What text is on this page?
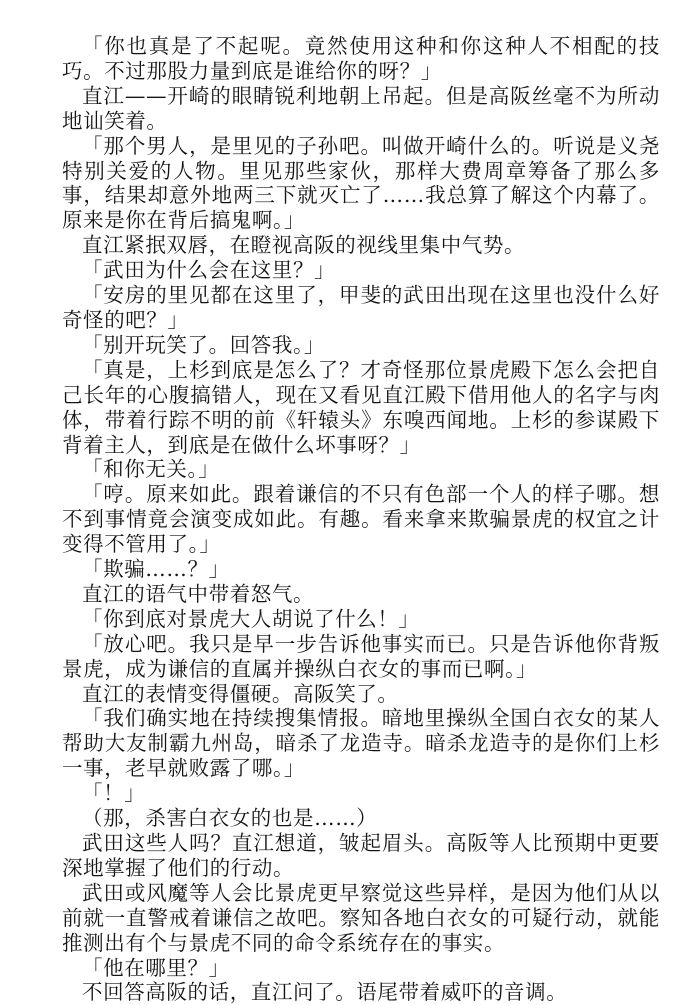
「你也真是了不起呢。竟然使用这种和你这种人不相配的技巧。不过那股力量到底是谁给你的呀？」

直江——开崎的眼睛锐利地朝上吊起。但是高阪丝毫不为所动地讪笑着。

「那个男人，是里见的子孙吧。叫做开崎什么的。听说是义尧特别关爱的人物。里见那些家伙，那样大费周章筹备了那么多事，结果却意外地两三下就灭亡了……我总算了解这个内幕了。原来是你在背后搞鬼啊。」

直江紧抿双唇，在瞪视高阪的视线里集中气势。

「武田为什么会在这里？」

「安房的里见都在这里了，甲斐的武田出现在这里也没什么好奇怪的吧？」

「别开玩笑了。回答我。」

「真是，上杉到底是怎么了？才奇怪那位景虎殿下怎么会把自己长年的心腹搞错人，现在又看见直江殿下借用他人的名字与肉体，带着行踪不明的前《轩辕头》东嗅西闻地。上杉的参谋殿下背着主人，到底是在做什么坏事呀？」

「和你无关。」

「哼。原来如此。跟着谦信的不只有色部一个人的样子哪。想不到事情竟会演变成如此。有趣。看来拿来欺骗景虎的权宜之计变得不管用了。」

「欺骗……？」

直江的语气中带着怒气。

「你到底对景虎大人胡说了什么！」

「放心吧。我只是早一步告诉他事实而已。只是告诉他你背叛景虎，成为谦信的直属并操纵白衣女的事而已啊。」

直江的表情变得僵硬。高阪笑了。

「我们确实地在持续搜集情报。暗地里操纵全国白衣女的某人帮助大友制霸九州岛，暗杀了龙造寺。暗杀龙造寺的是你们上杉一事，老早就败露了哪。」

「！」

（那，杀害白衣女的也是……）

武田这些人吗？直江想道，皱起眉头。高阪等人比预期中更要深地掌握了他们的行动。

武田或风魔等人会比景虎更早察觉这些异样，是因为他们从以前就一直警戒着谦信之故吧。察知各地白衣女的可疑行动，就能推测出有个与景虎不同的命令系统存在的事实。

「他在哪里？」

不回答高阪的话，直江问了。语尾带着威吓的音调。
